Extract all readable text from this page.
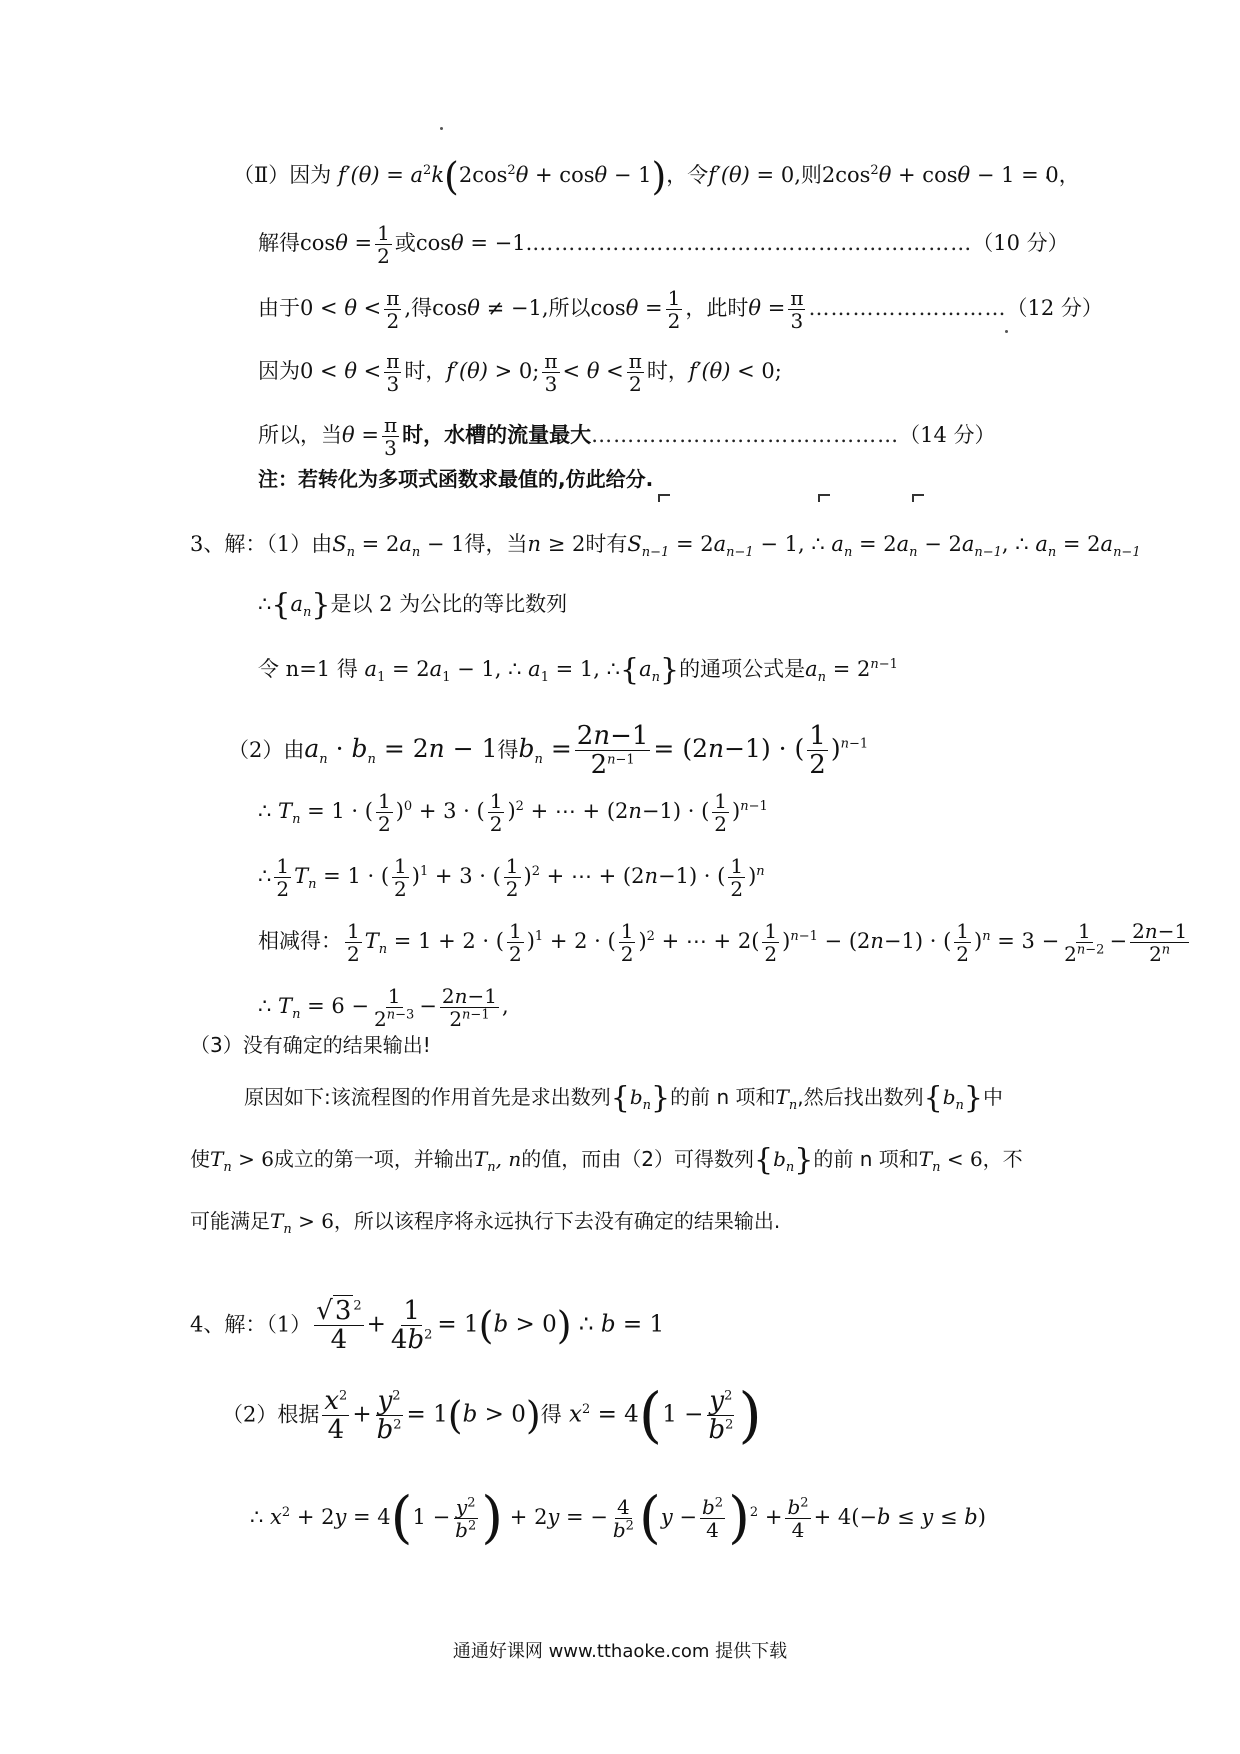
（Ⅱ）因为 $f'(\theta) = a^2k(2\cos^2\theta + \cos\theta - 1)$，令f′(θ) = 0,则$2\cos^2\theta + \cos\theta - 1 = 0$，
解得$\cos\theta = \frac{1}{2}$ 或cosθ = −1.……………………………………………………（10 分）
由于$0 < \theta < \frac{\pi}{2}$ ,得cosθ ≠ −1,所以$\cos\theta = \frac{1}{2}$ ，此时$\theta = \frac{\pi}{3}$ ………………………（12 分）
因为$0 < \theta < \frac{\pi}{3}$ 时，f′(θ) > 0; $\frac{\pi}{3} < \theta < \frac{\pi}{2}$ 时，f′(θ) < 0;
所以，当$\theta = \frac{\pi}{3}$ 时，水槽的流量最大……………………………………（14 分）
注：若转化为多项式函数求最值的,仿此给分.
3、解：（1）由$S_n = 2a_n - 1$得，当n ≥ 2时有$S_{n-1} = 2a_{n-1} - 1$, ∴ $a_n = 2a_n - 2a_{n-1}$, ∴ $a_n = 2a_{n-1}$
$\therefore\{a_n\}$是以 2 为公比的等比数列
令 n=1 得 $a_1 = 2a_1 - 1$, ∴ $a_1 = 1$, $\therefore\{a_n\}$的通项公式是$a_n = 2^{n-1}$
（2）由$a_n \cdot b_n = 2n - 1$得$b_n = \frac{2n-1}{2^{n-1}} = (2n-1)$ · ( $\frac{1}{2} )^{n-1}$
∴ $T_n = 1$ · ( $\frac{1}{2} )^0 + 3$ · ( $\frac{1}{2} )^2$ + ⋯ + (2n−1) · ( $\frac{1}{2} )^{n-1}$
∴ $\frac{1}{2} T_n = 1$ · ( $\frac{1}{2} )^1 + 3$ · ( $\frac{1}{2} )^2$ + ⋯ + (2n−1) · ( $\frac{1}{2} )^n$
相减得： $\frac{1}{2} T_n = 1 + 2$ · ( $\frac{1}{2} )^1 + 2$ · ( $\frac{1}{2} )^2$ + ⋯ + $2( \frac{1}{2} )^{n-1} - (2n-1)$ · ( $\frac{1}{2} )^n = 3 - \frac{1}{2^{n-2}} - \frac{2n-1}{2^n}$
∴ $T_n = 6 - \frac{1}{2^{n-3}} - \frac{2n-1}{2^{n-1}}$ ,
（3）没有确定的结果输出!
原因如下:该流程图的作用首先是求出数列$\{b_n\}$的前 n 项和$T_n$,然后找出数列$\{b_n\}$中
使$T_n > 6$成立的第一项，并输出$T_n$, n的值，而由（2）可得数列$\{b_n\}$的前 n 项和$T_n < 6$，不
可能满足$T_n > 6$，所以该程序将永远执行下去没有确定的结果输出.
4、解：$(1) \frac{√3 ^2}{4} + \frac{1}{4b^2} = 1(b > 0)$ ∴ b = 1
（2）根据 $\frac{x^2}{4} + \frac{y^2}{b^2} = 1(b > 0)$得 $x^2 = 4(1 - \frac{y^2}{b^2}$ )
∴ $x^2 + 2y = 4(1 - \frac{y^2}{b^2}$ ) + 2y = − $\frac{4}{b^2} (y - \frac{b^2}{4} )^2 + \frac{b^2}{4} + 4(-b \le y \le b)$
通通好课网 www.tthaoke.com 提供下载
